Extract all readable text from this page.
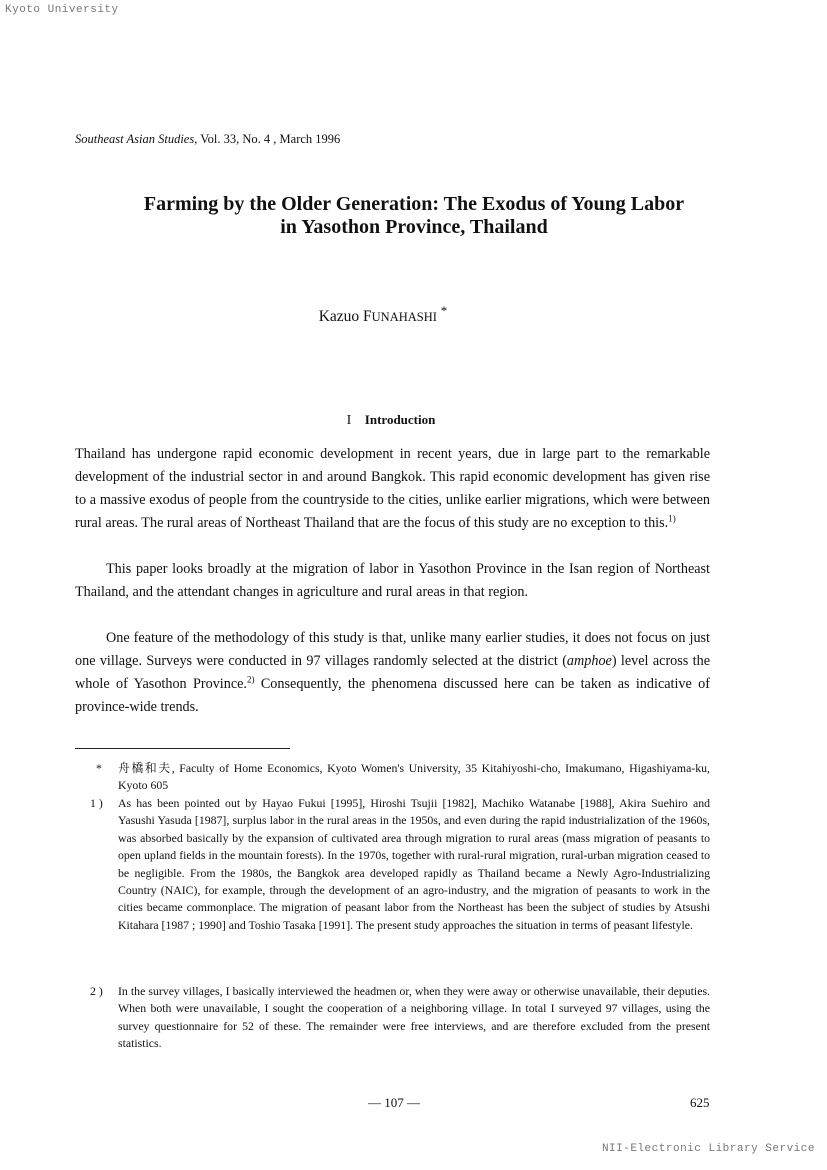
Kyoto University
Southeast Asian Studies, Vol. 33, No. 4 , March 1996
Farming by the Older Generation: The Exodus of Young Labor
in Yasothon Province, Thailand
Kazuo FUNAHASHI *
I Introduction

Thailand has undergone rapid economic development in recent years, due in large part to the remarkable development of the industrial sector in and around Bangkok. This rapid economic development has given rise to a massive exodus of people from the countryside to the cities, unlike earlier migrations, which were between rural areas. The rural areas of Northeast Thailand that are the focus of this study are no exception to this.$^{1)}$

This paper looks broadly at the migration of labor in Yasothon Province in the Isan region of Northeast Thailand, and the attendant changes in agriculture and rural areas in that region.

One feature of the methodology of this study is that, unlike many earlier studies, it does not focus on just one village. Surveys were conducted in 97 villages randomly selected at the district (amphoe) level across the whole of Yasothon Province.$^{2)}$ Consequently, the phenomena discussed here can be taken as indicative of province-wide trends.

* 舟橋和夫, Faculty of Home Economics, Kyoto Women's University, 35 Kitahiyoshi-cho, Imakumano, Higashiyama-ku, Kyoto 605

1 ) As has been pointed out by Hayao Fukui [1995], Hiroshi Tsujii [1982], Machiko Watanabe [1988], Akira Suehiro and Yasushi Yasuda [1987], surplus labor in the rural areas in the 1950s, and even during the rapid industrialization of the 1960s, was absorbed basically by the expansion of cultivated area through migration to rural areas (mass migration of peasants to open upland fields in the mountain forests). In the 1970s, together with rural-rural migration, rural-urban migration ceased to be negligible. From the 1980s, the Bangkok area developed rapidly as Thailand became a Newly Agro-Industrializing Country (NAIC), for example, through the development of an agro-industry, and the migration of peasants to work in the cities became commonplace. The migration of peasant labor from the Northeast has been the subject of studies by Atsushi Kitahara [1987 ; 1990] and Toshio Tasaka [1991]. The present study approaches the situation in terms of peasant lifestyle.

2 ) In the survey villages, I basically interviewed the headmen or, when they were away or otherwise unavailable, their deputies. When both were unavailable, I sought the cooperation of a neighboring village. In total I surveyed 97 villages, using the survey questionnaire for 52 of these. The remainder were free interviews, and are therefore excluded from the present statistics.

— 107 —	625
NII-Electronic Library Service
